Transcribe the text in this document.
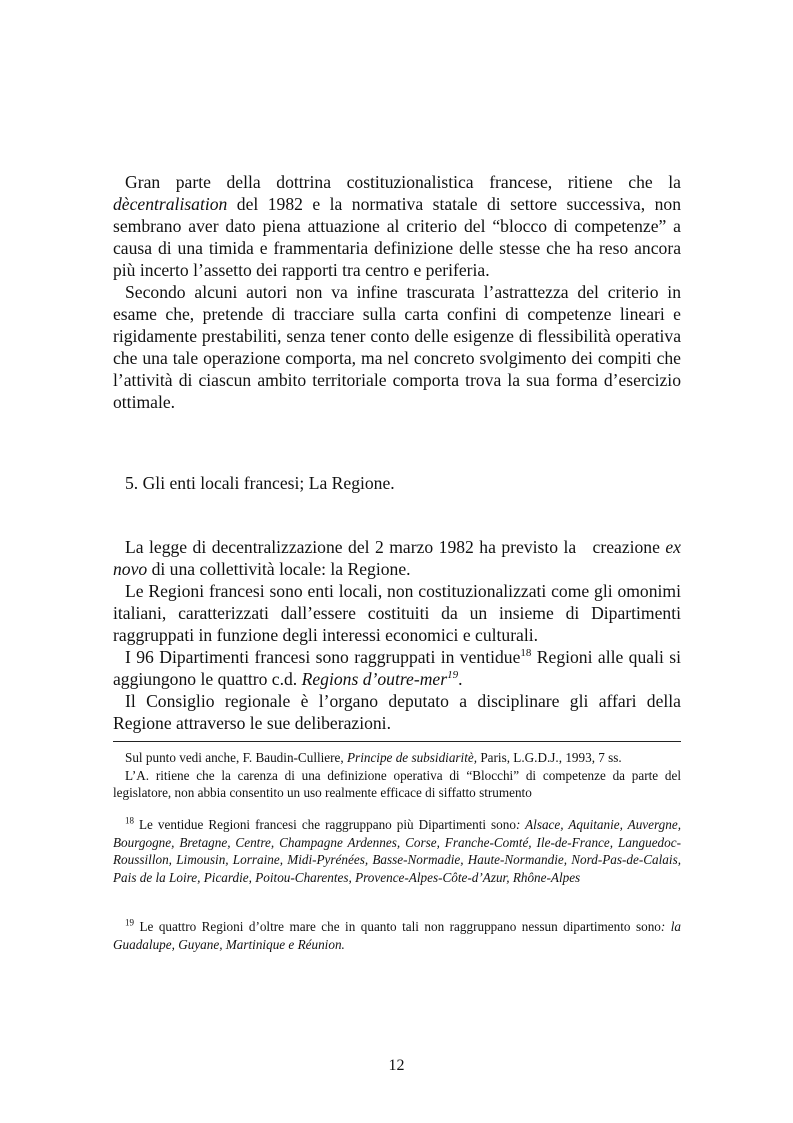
Gran parte della dottrina costituzionalistica francese, ritiene che la dècentralisation del 1982 e la normativa statale di settore successiva, non sembrano aver dato piena attuazione al criterio del “blocco di competenze” a causa di una timida e frammentaria definizione delle stesse che ha reso ancora più incerto l’assetto dei rapporti tra centro e periferia.

Secondo alcuni autori non va infine trascurata l’astrattezza del criterio in esame che, pretende di tracciare sulla carta confini di competenze lineari e rigidamente prestabiliti, senza tener conto delle esigenze di flessibilità operativa che una tale operazione comporta, ma nel concreto svolgimento dei compiti che l’attività di ciascun ambito territoriale comporta trova la sua forma d’esercizio ottimale.

5. Gli enti locali francesi; La Regione.

La legge di decentralizzazione del 2 marzo 1982 ha previsto la   creazione ex novo di una collettività locale: la Regione.

Le Regioni francesi sono enti locali, non costituzionalizzati come gli omonimi italiani, caratterizzati dall’essere costituiti da un insieme di Dipartimenti raggruppati in funzione degli interessi economici e culturali.

I 96 Dipartimenti francesi sono raggruppati in ventidue$^{18}$ Regioni alle quali si aggiungono le quattro c.d. Regions d’outre-mer$^{19}$.

Il Consiglio regionale è l’organo deputato a disciplinare gli affari della Regione attraverso le sue deliberazioni.

Sul punto vedi anche, F. Baudin-Culliere, Principe de subsidiaritè, Paris, L.G.D.J., 1993, 7 ss.

L’A. ritiene che la carenza di una definizione operativa di “Blocchi” di competenze da parte del legislatore, non abbia consentito un uso realmente efficace di siffatto strumento

$^{18}$ Le ventidue Regioni francesi che raggruppano più Dipartimenti sono: Alsace, Aquitanie, Auvergne, Bourgogne, Bretagne, Centre, Champagne Ardennes, Corse, Franche-Comté, Ile-de-France, Languedoc-Roussillon, Limousin, Lorraine, Midi-Pyrénées, Basse-Normadie, Haute-Normandie, Nord-Pas-de-Calais, Pais de la Loire, Picardie, Poitou-Charentes, Provence-Alpes-Côte-d’Azur, Rhône-Alpes

$^{19}$ Le quattro Regioni d’oltre mare che in quanto tali non raggruppano nessun dipartimento sono: la Guadalupe, Guyane, Martinique e Réunion.

12
